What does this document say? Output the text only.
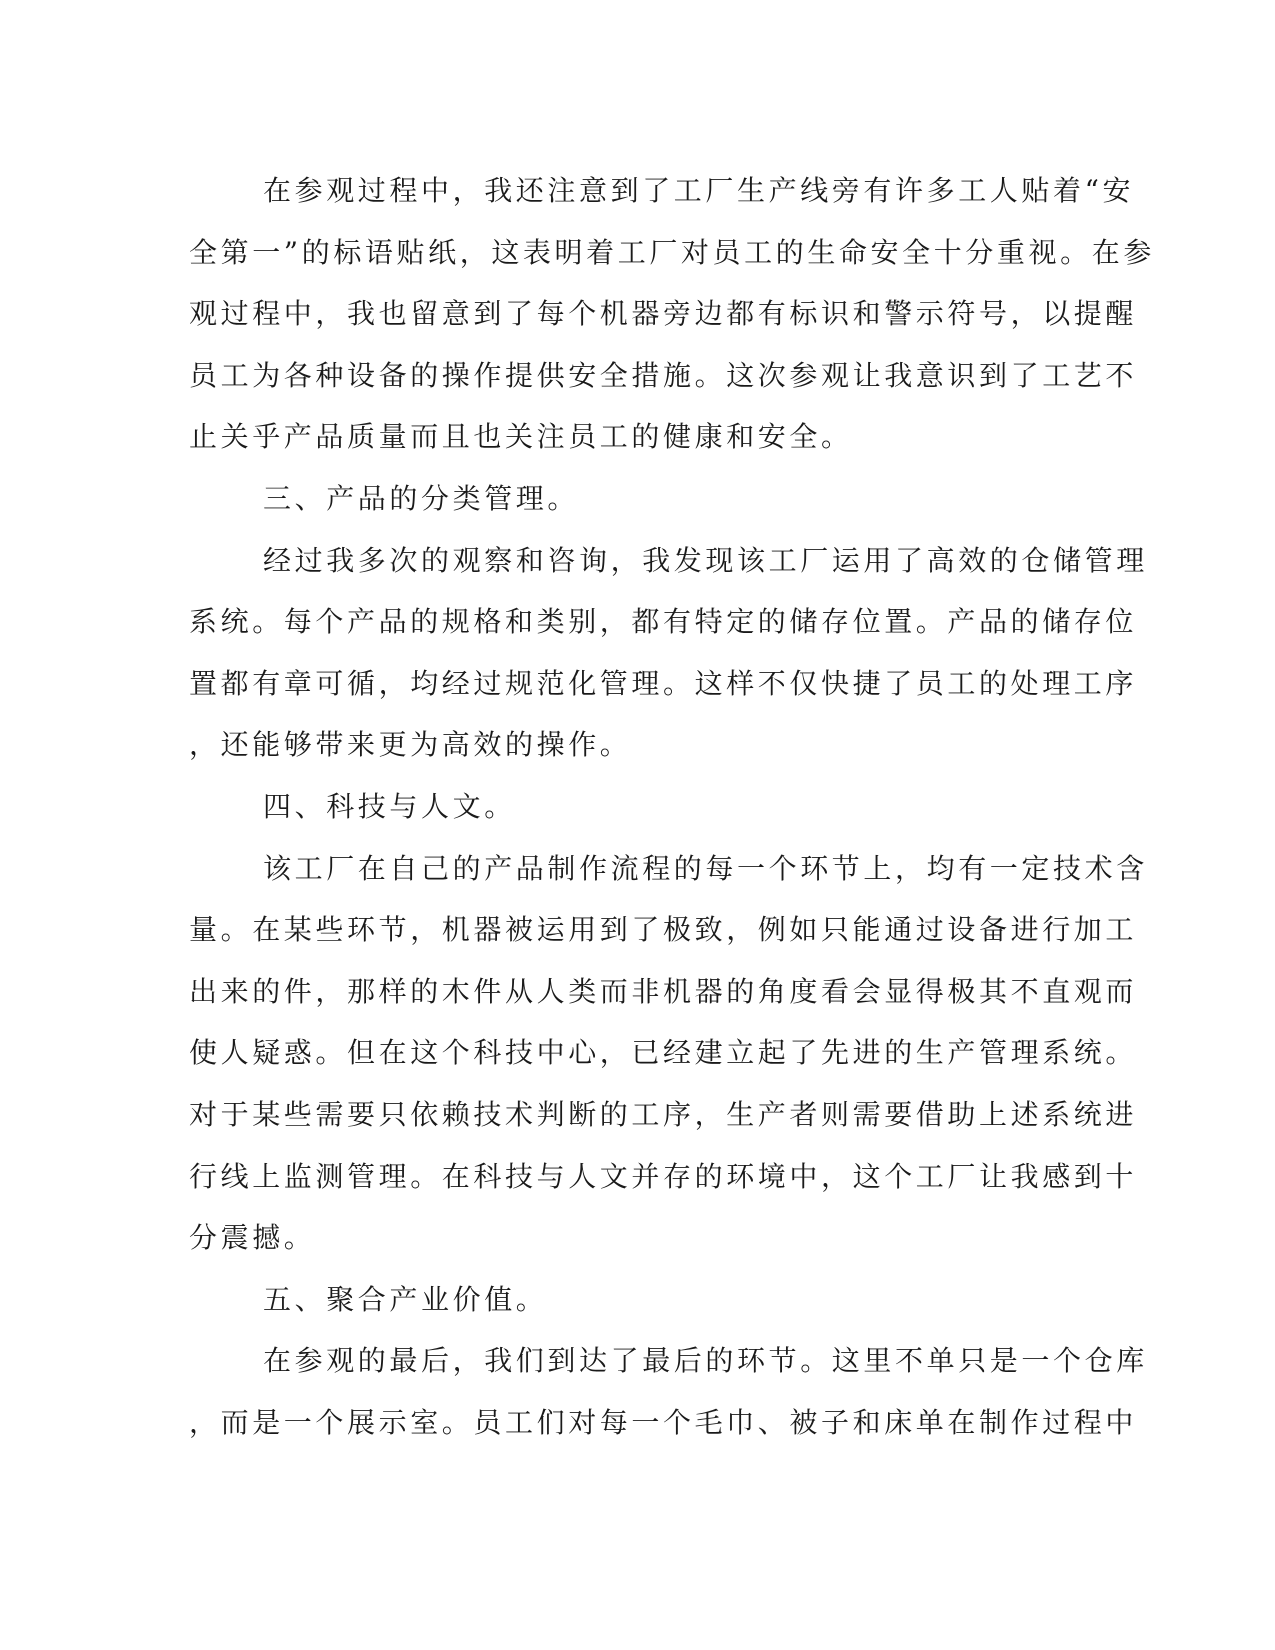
在参观过程中，我还注意到了工厂生产线旁有许多工人贴着“安
全第一”的标语贴纸，这表明着工厂对员工的生命安全十分重视。在参
观过程中，我也留意到了每个机器旁边都有标识和警示符号，以提醒
员工为各种设备的操作提供安全措施。这次参观让我意识到了工艺不
止关乎产品质量而且也关注员工的健康和安全。
三、产品的分类管理。
经过我多次的观察和咨询，我发现该工厂运用了高效的仓储管理
系统。每个产品的规格和类别，都有特定的储存位置。产品的储存位
置都有章可循，均经过规范化管理。这样不仅快捷了员工的处理工序
，还能够带来更为高效的操作。
四、科技与人文。
该工厂在自己的产品制作流程的每一个环节上，均有一定技术含
量。在某些环节，机器被运用到了极致，例如只能通过设备进行加工
出来的件，那样的木件从人类而非机器的角度看会显得极其不直观而
使人疑惑。但在这个科技中心，已经建立起了先进的生产管理系统。
对于某些需要只依赖技术判断的工序，生产者则需要借助上述系统进
行线上监测管理。在科技与人文并存的环境中，这个工厂让我感到十
分震撼。
五、聚合产业价值。
在参观的最后，我们到达了最后的环节。这里不单只是一个仓库
，而是一个展示室。员工们对每一个毛巾、被子和床单在制作过程中
